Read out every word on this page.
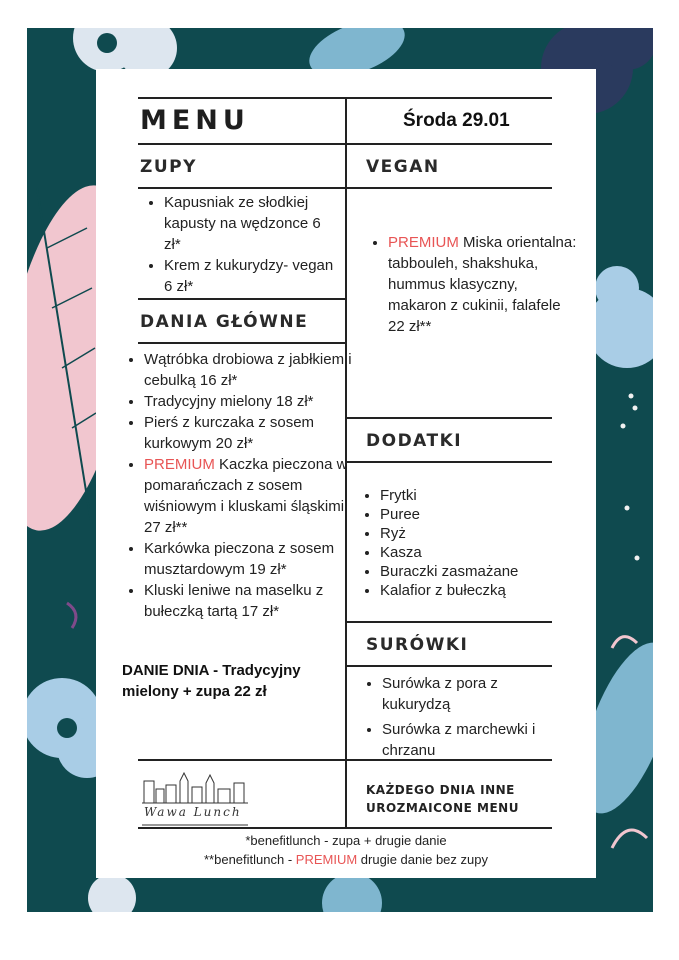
MENU	Środa 29.01
ZUPY	VEGAN
• Kapusniak ze słodkiej kapusty na wędzonce 6 zł*
• Krem z kukurydzy- vegan 6 zł*
• PREMIUM Miska orientalna: tabbouleh, shakshuka, hummus klasyczny, makaron z cukinii, falafele 22 zł**
DANIA GŁÓWNE
• Wątróbka drobiowa z jabłkiem i cebulką 16 zł*
• Tradycyjny mielony 18 zł*
• Pierś z kurczaka z sosem kurkowym 20 zł*
• PREMIUM Kaczka pieczona w pomarańczach z sosem wiśniowym i kluskami śląskimi 27 zł**
• Karkówka pieczona z sosem musztardowym 19 zł*
• Kluski leniwe na maselku z bułeczką tartą 17 zł*
DANIE DNIA - Tradycyjny mielony + zupa 22 zł
DODATKI
• Frytki
• Puree
• Ryż
• Kasza
• Buraczki zasmażane
• Kalafior z bułeczką
SURÓWKI
• Surówka z pora z kukurydzą
• Surówka z marchewki i chrzanu
Wawa Lunch
KAŻDEGO DNIA INNE
UROZMAICONE MENU
*benefitlunch - zupa + drugie danie
**benefitlunch - PREMIUM drugie danie bez zupy
